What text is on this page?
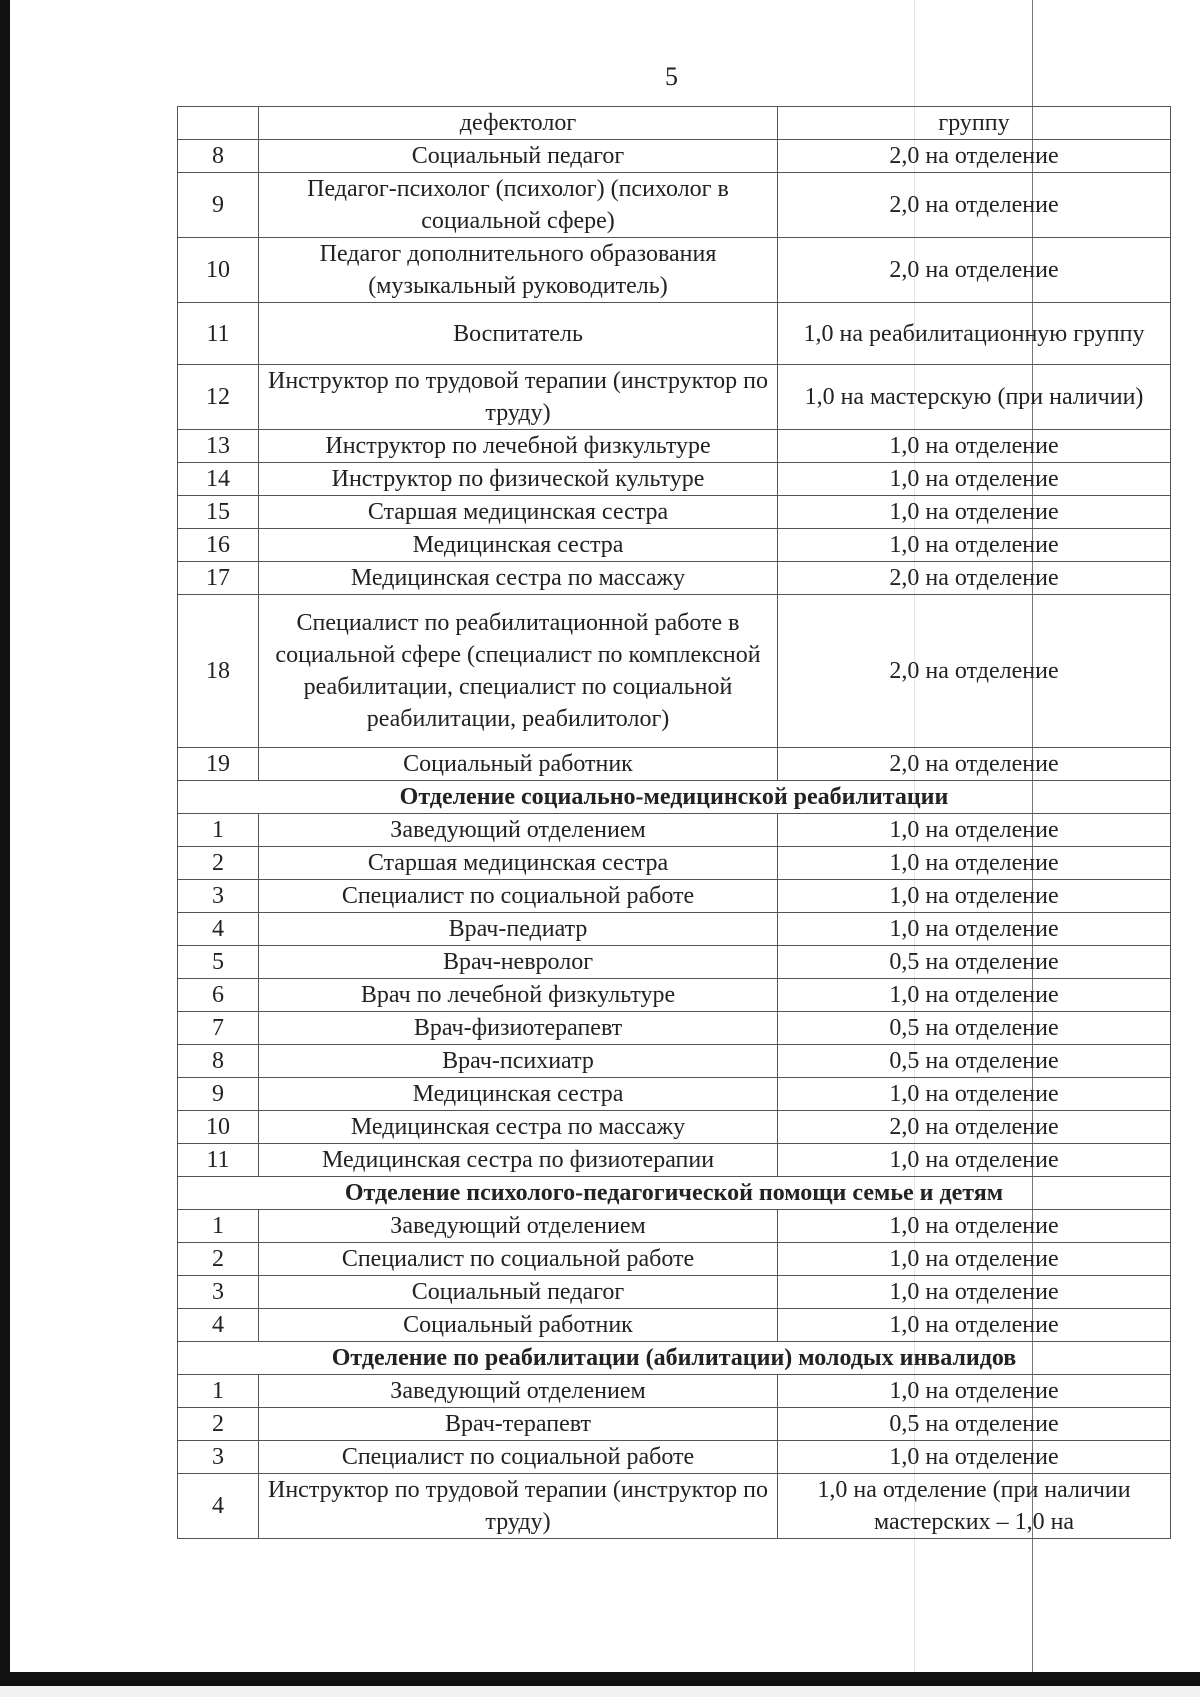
5
	дефектолог	группу
8	Социальный педагог	2,0 на отделение
9	Педагог-психолог (психолог) (психолог в социальной сфере)	2,0 на отделение
10	Педагог дополнительного образования (музыкальный руководитель)	2,0 на отделение
11	Воспитатель	1,0 на реабилитационную группу
12	Инструктор по трудовой терапии (инструктор по труду)	1,0 на мастерскую (при наличии)
13	Инструктор по лечебной физкультуре	1,0 на отделение
14	Инструктор по физической культуре	1,0 на отделение
15	Старшая медицинская сестра	1,0 на отделение
16	Медицинская сестра	1,0 на отделение
17	Медицинская сестра по массажу	2,0 на отделение
18	Специалист по реабилитационной работе в социальной сфере (специалист по комплексной реабилитации, специалист по социальной реабилитации, реабилитолог)	2,0 на отделение
19	Социальный работник	2,0 на отделение
Отделение социально-медицинской реабилитации		
1	Заведующий отделением	1,0 на отделение
2	Старшая медицинская сестра	1,0 на отделение
3	Специалист по социальной работе	1,0 на отделение
4	Врач-педиатр	1,0 на отделение
5	Врач-невролог	0,5 на отделение
6	Врач по лечебной физкультуре	1,0 на отделение
7	Врач-физиотерапевт	0,5 на отделение
8	Врач-психиатр	0,5 на отделение
9	Медицинская сестра	1,0 на отделение
10	Медицинская сестра по массажу	2,0 на отделение
11	Медицинская сестра по физиотерапии	1,0 на отделение
Отделение психолого-педагогической помощи семье и детям		
1	Заведующий отделением	1,0 на отделение
2	Специалист по социальной работе	1,0 на отделение
3	Социальный педагог	1,0 на отделение
4	Социальный работник	1,0 на отделение
Отделение по реабилитации (абилитации) молодых инвалидов		
1	Заведующий отделением	1,0 на отделение
2	Врач-терапевт	0,5 на отделение
3	Специалист по социальной работе	1,0 на отделение
4	Инструктор по трудовой терапии (инструктор по труду)	1,0 на отделение (при наличии мастерских – 1,0 на
